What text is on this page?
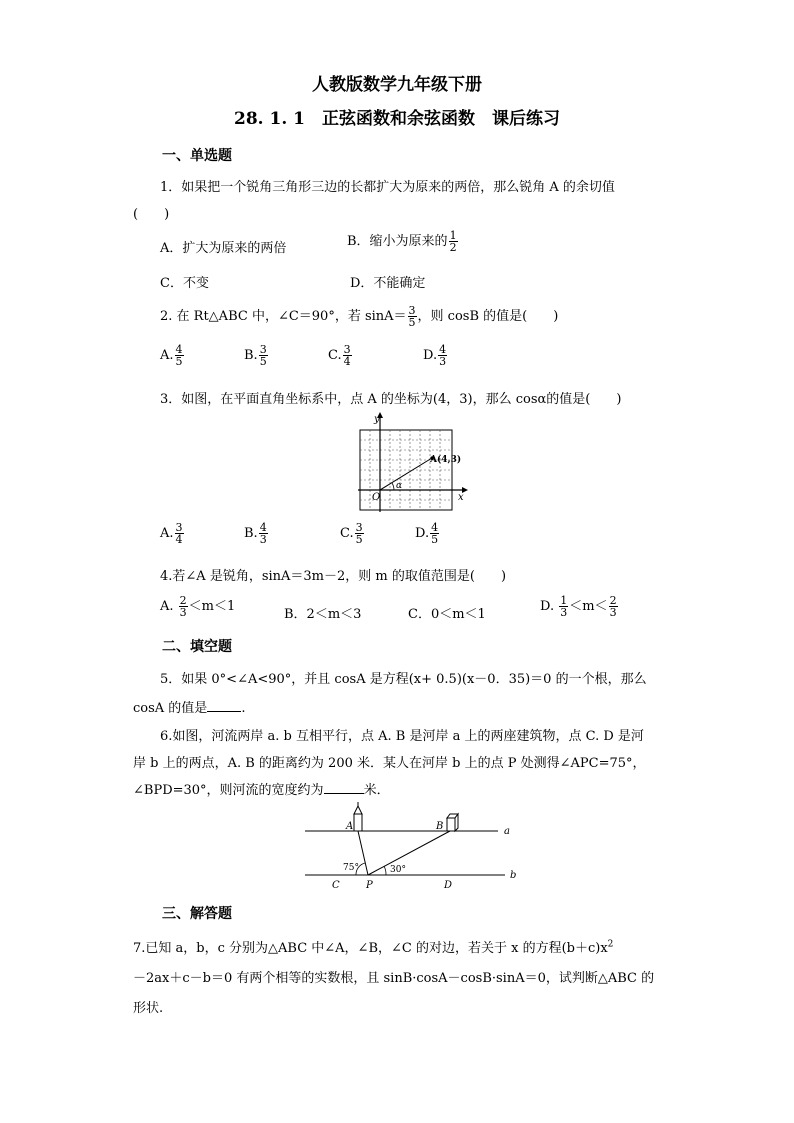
人教版数学九年级下册
28. 1. 1　正弦函数和余弦函数　课后练习
一、单选题
1．如果把一个锐角三角形三边的长都扩大为原来的两倍，那么锐角 A 的余切值
(　　)
A．扩大为原来的两倍	B．缩小为原来的 $\frac{1}{2}$
C．不变	D．不能确定
2. 在 Rt△ABC 中，∠C＝90°，若 $\sin A= \frac{3}{5}$ ，则 cosB 的值是(　　)
A. $\frac{4}{5}$	B. $\frac{3}{5}$	C. $\frac{3}{4}$	D. $\frac{4}{3}$
3．如图，在平面直角坐标系中，点 A 的坐标为(4，3)，那么 cosα的值是(　　)
y
x
O
α
A(4,3)
A. $\frac{3}{4}$	B. $\frac{4}{3}$	C. $\frac{3}{5}$	D. $\frac{4}{5}$
4.若∠A 是锐角，sinA＝3m－2，则 m 的取值范围是(　　)
A. $\frac{2}{3} <m<1$
B．2＜m＜3	C．0＜m＜1
D. $\frac{1}{3} <m< \frac{2}{3}$
二、填空题
5．如果 0°<∠A<90°，并且 cosA 是方程(x+ 0.5)(x－0．35)＝0 的一个根，那么
cosA 的值是	.
6.如图，河流两岸 a. b 互相平行，点 A. B 是河岸 a 上的两座建筑物，点 C. D 是河
岸 b 上的两点，A. B 的距离约为 200 米．某人在河岸 b 上的点 P 处测得∠APC=75°，
∠BPD=30°，则河流的宽度约为	米．
A	B	a
b
C	P	D
75°	30°
三、解答题
7.已知 a，b，c 分别为△ABC 中∠A，∠B，∠C 的对边，若关于 x 的方程$(b+c)x^2$
－2ax＋c－b＝0 有两个相等的实数根，且 sinB·cosA－cosB·sinA＝0，试判断△ABC 的
形状.
